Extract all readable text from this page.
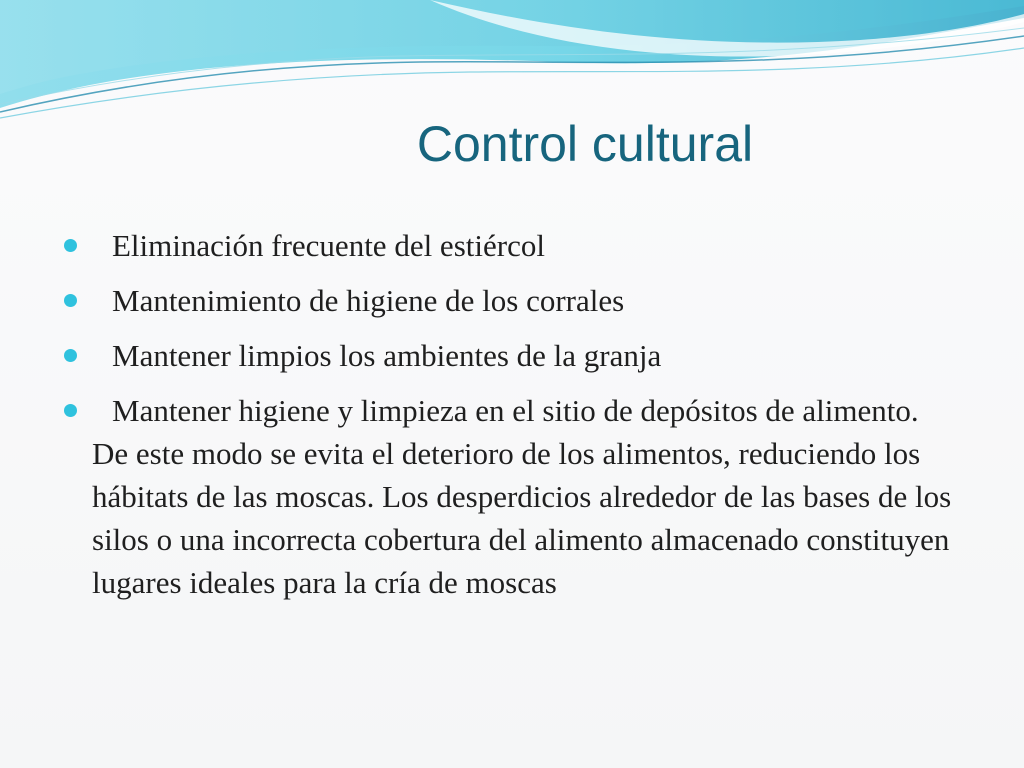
Control cultural
Eliminación frecuente del estiércol
Mantenimiento de higiene de los corrales
Mantener limpios los ambientes de la granja
Mantener higiene y limpieza en el sitio de depósitos de alimento. De este modo se evita el deterioro de los alimentos, reduciendo los hábitats de las moscas. Los desperdicios alrededor de las bases de los silos o una incorrecta cobertura del alimento almacenado constituyen lugares ideales para la cría de moscas
